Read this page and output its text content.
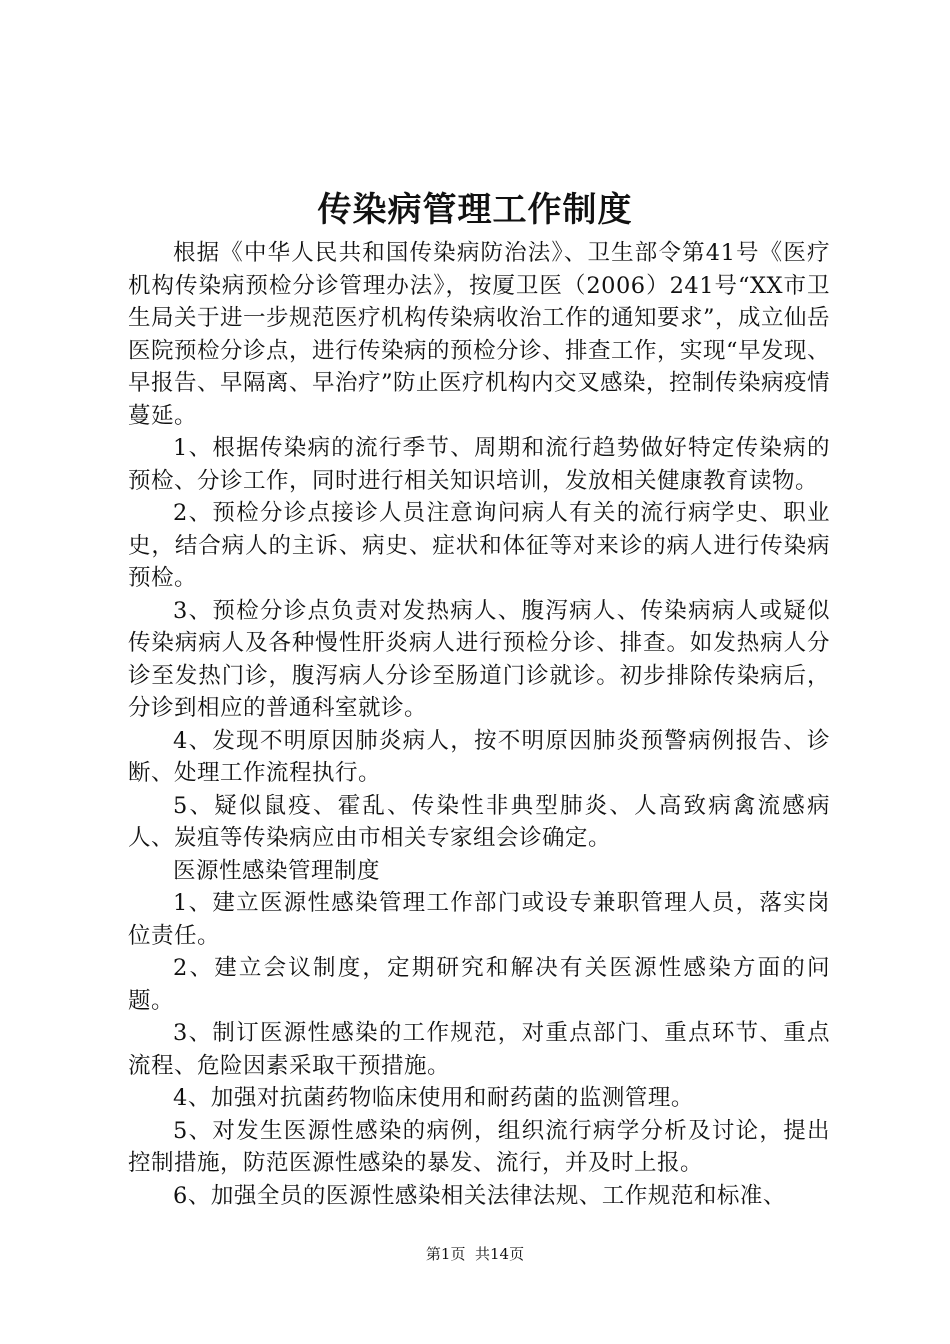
传染病管理工作制度

根据《中华人民共和国传染病防治法》、卫生部令第41号《医疗机构传染病预检分诊管理办法》，按厦卫医（2006）241号“XX市卫生局关于进一步规范医疗机构传染病收治工作的通知要求”，成立仙岳医院预检分诊点，进行传染病的预检分诊、排查工作，实现“早发现、早报告、早隔离、早治疗”防止医疗机构内交叉感染，控制传染病疫情蔓延。

1、根据传染病的流行季节、周期和流行趋势做好特定传染病的预检、分诊工作，同时进行相关知识培训，发放相关健康教育读物。

2、预检分诊点接诊人员注意询问病人有关的流行病学史、职业史，结合病人的主诉、病史、症状和体征等对来诊的病人进行传染病预检。

3、预检分诊点负责对发热病人、腹泻病人、传染病病人或疑似传染病病人及各种慢性肝炎病人进行预检分诊、排查。如发热病人分诊至发热门诊，腹泻病人分诊至肠道门诊就诊。初步排除传染病后，分诊到相应的普通科室就诊。

4、发现不明原因肺炎病人，按不明原因肺炎预警病例报告、诊断、处理工作流程执行。

5、疑似鼠疫、霍乱、传染性非典型肺炎、人高致病禽流感病人、炭疽等传染病应由市相关专家组会诊确定。

医源性感染管理制度

1、建立医源性感染管理工作部门或设专兼职管理人员，落实岗位责任。

2、建立会议制度，定期研究和解决有关医源性感染方面的问题。

3、制订医源性感染的工作规范，对重点部门、重点环节、重点流程、危险因素采取干预措施。

4、加强对抗菌药物临床使用和耐药菌的监测管理。

5、对发生医源性感染的病例，组织流行病学分析及讨论，提出控制措施，防范医源性感染的暴发、流行，并及时上报。

6、加强全员的医源性感染相关法律法规、工作规范和标准、

第1页 共14页
